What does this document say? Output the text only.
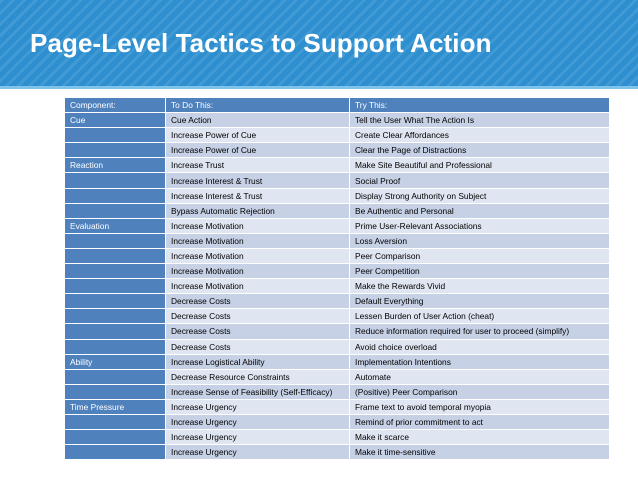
Page-Level Tactics to Support Action
Component:	To Do This:	Try This:
Cue	Cue Action	Tell the User What The Action Is
	Increase Power of Cue	Create Clear Affordances
	Increase Power of Cue	Clear the Page of Distractions
Reaction	Increase Trust	Make Site Beautiful and Professional
	Increase Interest & Trust	Social Proof
	Increase Interest & Trust	Display Strong Authority on Subject
	Bypass Automatic Rejection	Be Authentic and Personal
Evaluation	Increase Motivation	Prime User-Relevant Associations
	Increase Motivation	Loss Aversion
	Increase Motivation	Peer Comparison
	Increase Motivation	Peer Competition
	Increase Motivation	Make the Rewards Vivid
	Decrease Costs	Default Everything
	Decrease Costs	Lessen Burden of User Action (cheat)
	Decrease Costs	Reduce information required for user to proceed (simplify)
	Decrease Costs	Avoid choice overload
Ability	Increase Logistical Ability	Implementation Intentions
	Decrease Resource Constraints	Automate
	Increase Sense of Feasibility (Self-Efficacy)	(Positive) Peer Comparison
Time Pressure	Increase Urgency	Frame text to avoid temporal myopia
	Increase Urgency	Remind of prior commitment to act
	Increase Urgency	Make it scarce
	Increase Urgency	Make it time-sensitive
